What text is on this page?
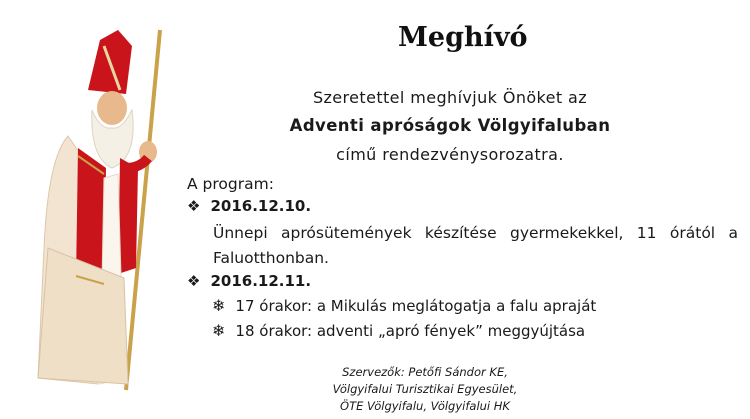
Meghívó
Szeretettel meghívjuk Önöket az
Adventi apróságok Völgyifaluban
című rendezvénysorozatra.
A program:
❖ 2016.12.10.
Ünnepi aprósütemények készítése gyermekekkel, 11 órától a Faluotthonban.
❖ 2016.12.11.
❄ 17 órakor: a Mikulás meglátogatja a falu apraját
❄ 18 órakor: adventi „apró fények” meggyújtása
Szervezők: Petőfi Sándor KE,
Völgyifalui Turisztikai Egyesület,
ÖTE Völgyifalu, Völgyifalui HK
